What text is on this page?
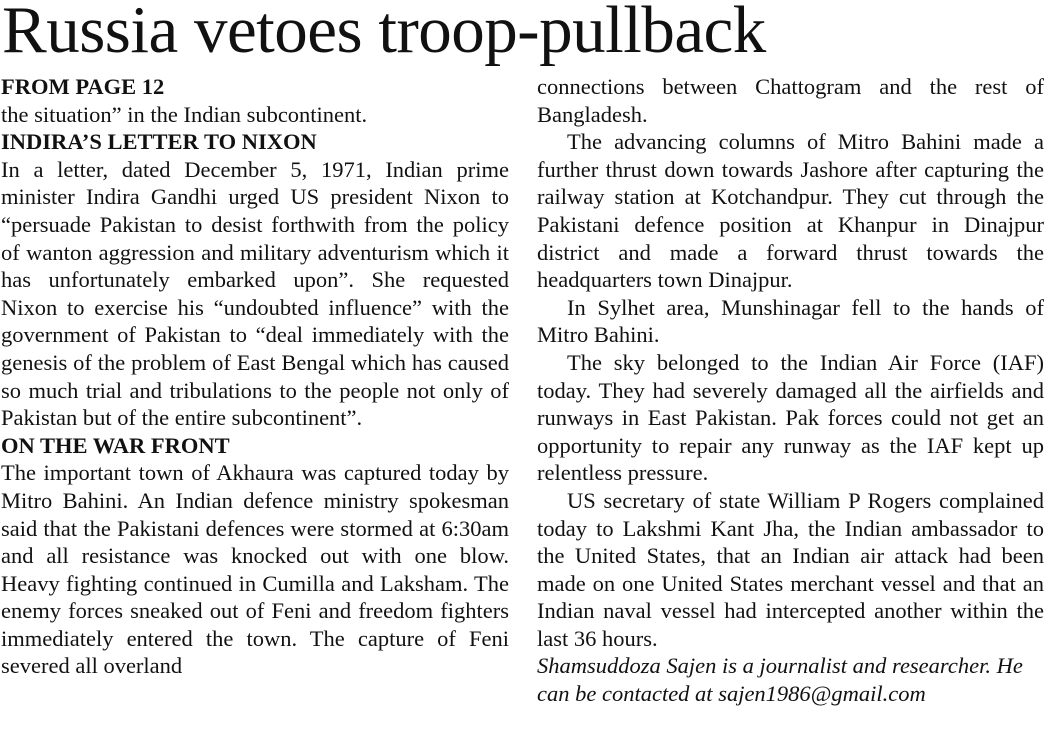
Russia vetoes troop-pullback

FROM PAGE 12

the situation” in the Indian subcontinent.

INDIRA’S LETTER TO NIXON

In a letter, dated December 5, 1971, Indian prime minister Indira Gandhi urged US president Nixon to “persuade Pakistan to desist forthwith from the policy of wanton aggression and military adventurism which it has unfortunately embarked upon”. She requested Nixon to exercise his “undoubted influence” with the government of Pakistan to “deal immediately with the genesis of the problem of East Bengal which has caused so much trial and tribulations to the people not only of Pakistan but of the entire subcontinent”.

ON THE WAR FRONT

The important town of Akhaura was captured today by Mitro Bahini. An Indian defence ministry spokesman said that the Pakistani defences were stormed at 6:30am and all resistance was knocked out with one blow. Heavy fighting continued in Cumilla and Laksham. The enemy forces sneaked out of Feni and freedom fighters immediately entered the town. The capture of Feni severed all overland

connections between Chattogram and the rest of Bangladesh.

The advancing columns of Mitro Bahini made a further thrust down towards Jashore after capturing the railway station at Kotchandpur. They cut through the Pakistani defence position at Khanpur in Dinajpur district and made a forward thrust towards the headquarters town Dinajpur.

In Sylhet area, Munshinagar fell to the hands of Mitro Bahini.

The sky belonged to the Indian Air Force (IAF) today. They had severely damaged all the airfields and runways in East Pakistan. Pak forces could not get an opportunity to repair any runway as the IAF kept up relentless pressure.

US secretary of state William P Rogers complained today to Lakshmi Kant Jha, the Indian ambassador to the United States, that an Indian air attack had been made on one United States merchant vessel and that an Indian naval vessel had intercepted another within the last 36 hours.

Shamsuddoza Sajen is a journalist and researcher. He can be contacted at sajen1986@gmail.com
